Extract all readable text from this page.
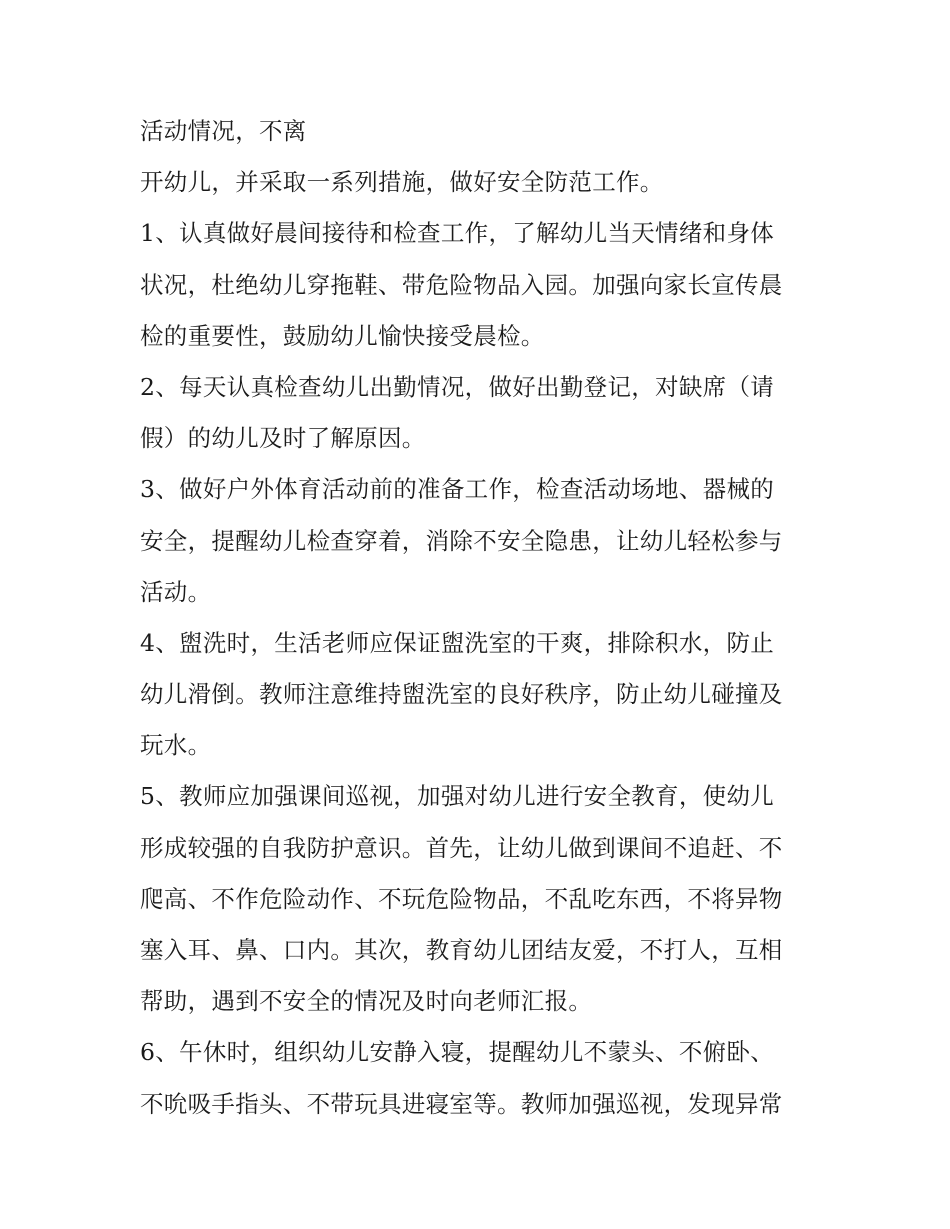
活动情况，不离
开幼儿，并采取一系列措施，做好安全防范工作。
1、认真做好晨间接待和检查工作，了解幼儿当天情绪和身体
状况，杜绝幼儿穿拖鞋、带危险物品入园。加强向家长宣传晨
检的重要性，鼓励幼儿愉快接受晨检。
2、每天认真检查幼儿出勤情况，做好出勤登记，对缺席（请
假）的幼儿及时了解原因。
3、做好户外体育活动前的准备工作，检查活动场地、器械的
安全，提醒幼儿检查穿着，消除不安全隐患，让幼儿轻松参与
活动。
4、盥洗时，生活老师应保证盥洗室的干爽，排除积水，防止
幼儿滑倒。教师注意维持盥洗室的良好秩序，防止幼儿碰撞及
玩水。
5、教师应加强课间巡视，加强对幼儿进行安全教育，使幼儿
形成较强的自我防护意识。首先，让幼儿做到课间不追赶、不
爬高、不作危险动作、不玩危险物品，不乱吃东西，不将异物
塞入耳、鼻、口内。其次，教育幼儿团结友爱，不打人，互相
帮助，遇到不安全的情况及时向老师汇报。
6、午休时，组织幼儿安静入寝，提醒幼儿不蒙头、不俯卧、
不吮吸手指头、不带玩具进寝室等。教师加强巡视，发现异常
